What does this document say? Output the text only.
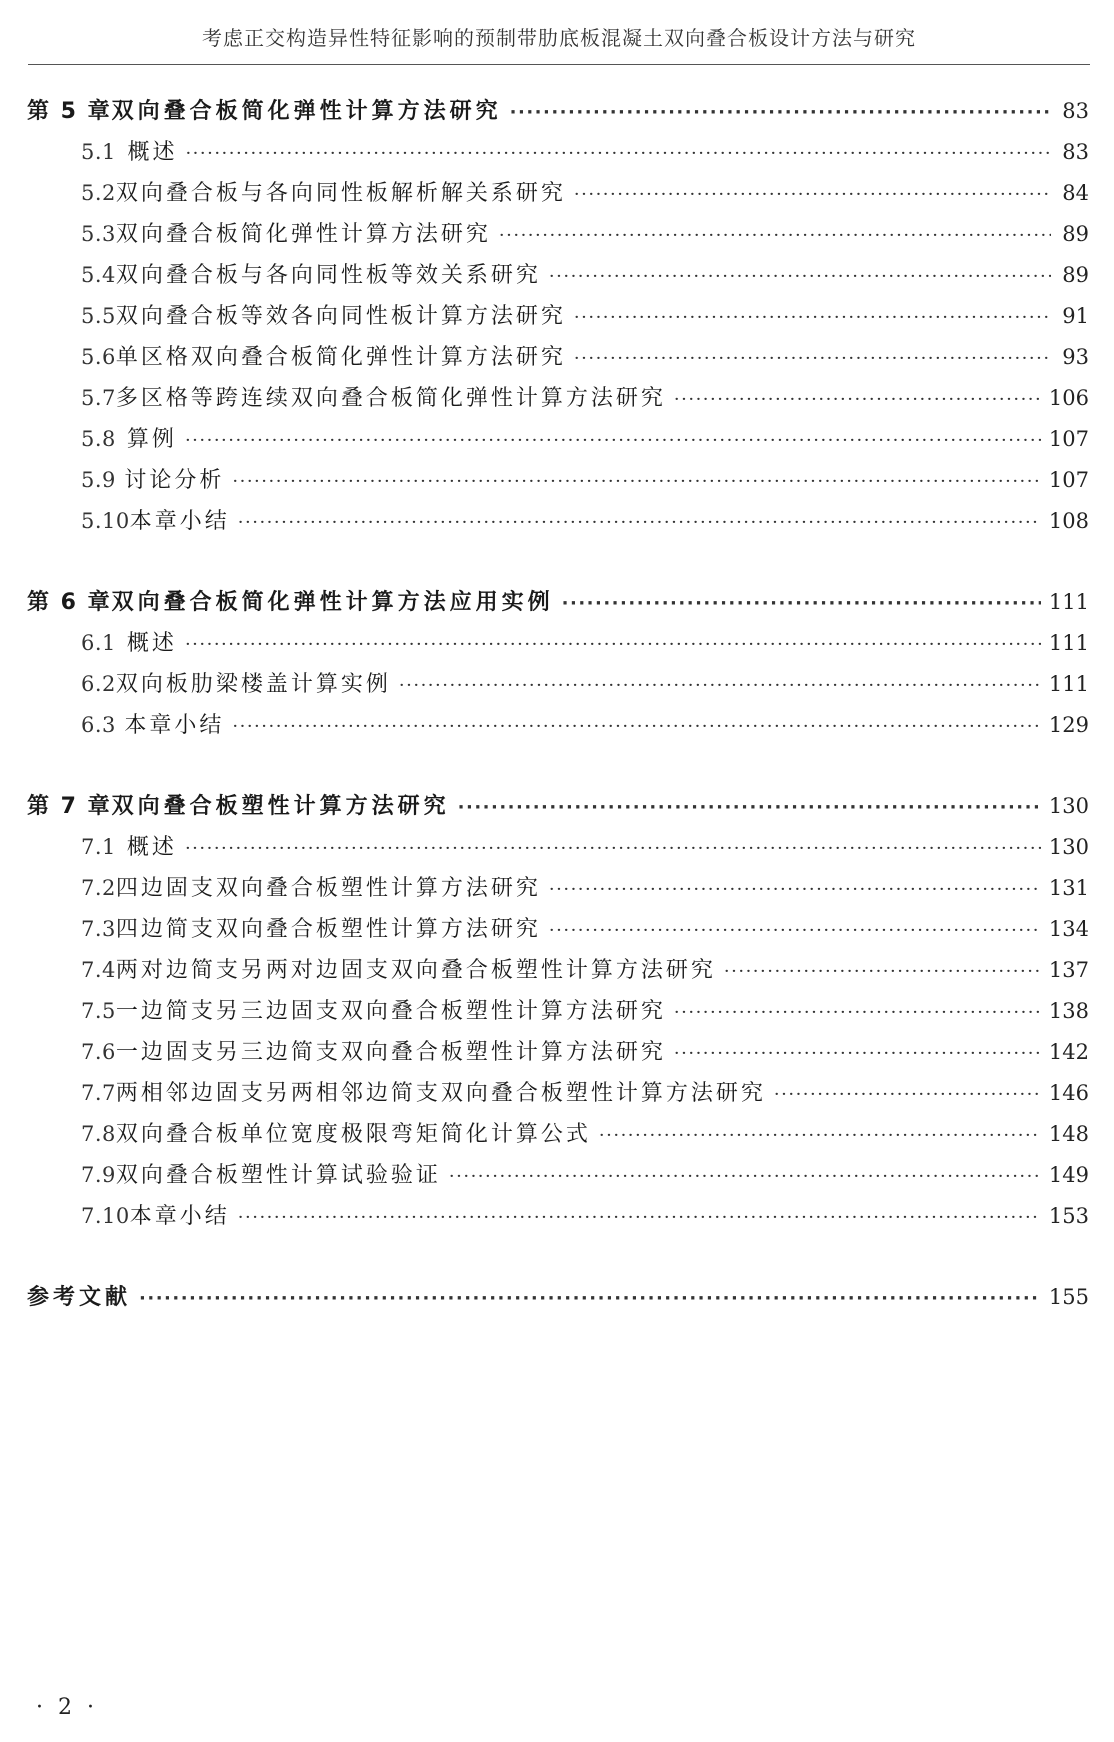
考虑正交构造异性特征影响的预制带肋底板混凝土双向叠合板设计方法与研究
第 5 章 双向叠合板简化弹性计算方法研究 ·····	83
5.1 概述 ·····	83
5.2 双向叠合板与各向同性板解析解关系研究 ·····	84
5.3 双向叠合板简化弹性计算方法研究 ·····	89
5.4 双向叠合板与各向同性板等效关系研究 ·····	89
5.5 双向叠合板等效各向同性板计算方法研究 ·····	91
5.6 单区格双向叠合板简化弹性计算方法研究 ·····	93
5.7 多区格等跨连续双向叠合板简化弹性计算方法研究 ·····	106
5.8 算例 ·····	107
5.9 讨论分析 ·····	107
5.10 本章小结 ·····	108
第 6 章 双向叠合板简化弹性计算方法应用实例 ·····	111
6.1 概述 ·····	111
6.2 双向板肋梁楼盖计算实例 ·····	111
6.3 本章小结 ·····	129
第 7 章 双向叠合板塑性计算方法研究 ·····	130
7.1 概述 ·····	130
7.2 四边固支双向叠合板塑性计算方法研究 ·····	131
7.3 四边简支双向叠合板塑性计算方法研究 ·····	134
7.4 两对边简支另两对边固支双向叠合板塑性计算方法研究 ·····	137
7.5 一边简支另三边固支双向叠合板塑性计算方法研究 ·····	138
7.6 一边固支另三边简支双向叠合板塑性计算方法研究 ·····	142
7.7 两相邻边固支另两相邻边简支双向叠合板塑性计算方法研究 ·····	146
7.8 双向叠合板单位宽度极限弯矩简化计算公式 ·····	148
7.9 双向叠合板塑性计算试验验证 ·····	149
7.10 本章小结 ·····	153
参考文献 ·····	155
· 2 ·
